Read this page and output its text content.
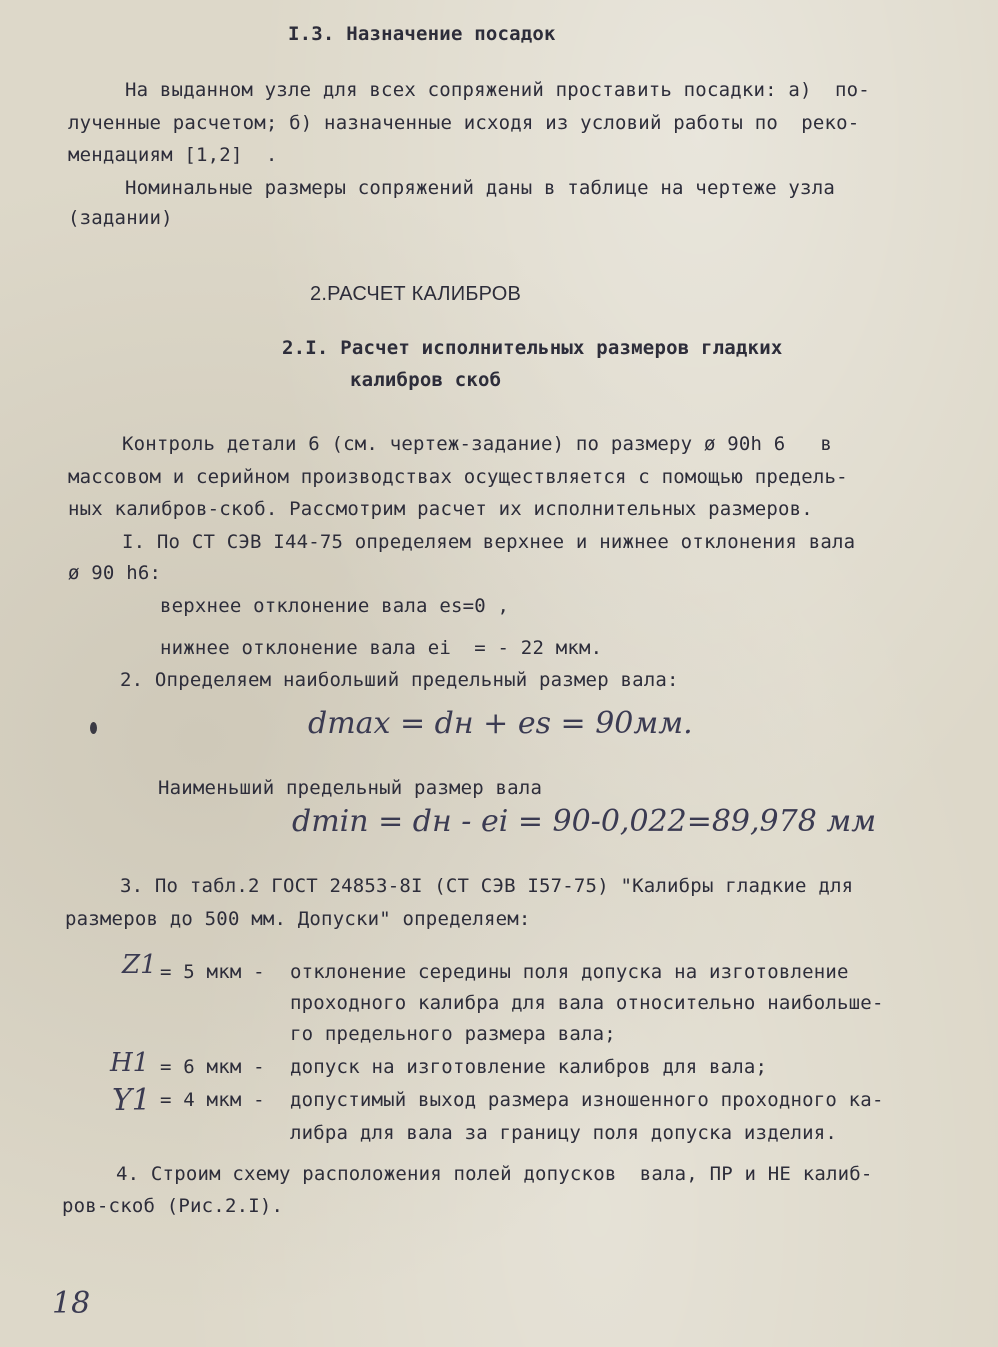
I.3. Назначение посадок
На выданном узле для всех сопряжений проставить посадки: а)  по-
лученные расчетом; б) назначенные исходя из условий работы по  реко-
мендациям [1,2]  .
Номинальные размеры сопряжений даны в таблице на чертеже узла
(задании)
2.РАСЧЕТ КАЛИБРОВ
2.I. Расчет исполнительных размеров гладких
калибров скоб
Контроль детали 6 (см. чертеж-задание) по размеру ø 90h 6   в
массовом и серийном производствах осуществляется с помощью предель-
ных калибров-скоб. Рассмотрим расчет их исполнительных размеров.
I. По СТ СЭВ I44-75 определяем верхнее и нижнее отклонения вала
ø 90 h6:
верхнее отклонение вала es=0 ,
нижнее отклонение вала ei  = - 22 мкм.
2. Определяем наибольший предельный размер вала:
dmax = dн + es = 90мм.
Наименьший предельный размер вала
dmin = dн - ei = 90-0,022=89,978 мм
3. По табл.2 ГОСТ 24853-8I (СТ СЭВ I57-75) "Калибры гладкие для
размеров до 500 мм. Допуски" определяем:
Z1 = 5 мкм - отклонение середины поля допуска на изготовление
проходного калибра для вала относительно наибольше-
го предельного размера вала;
H1 = 6 мкм - допуск на изготовление калибров для вала;
Y1 = 4 мкм - допустимый выход размера изношенного проходного ка-
либра для вала за границу поля допуска изделия.
4. Строим схему расположения полей допусков  вала, ПР и НЕ калиб-
ров-скоб (Рис.2.I).
18
